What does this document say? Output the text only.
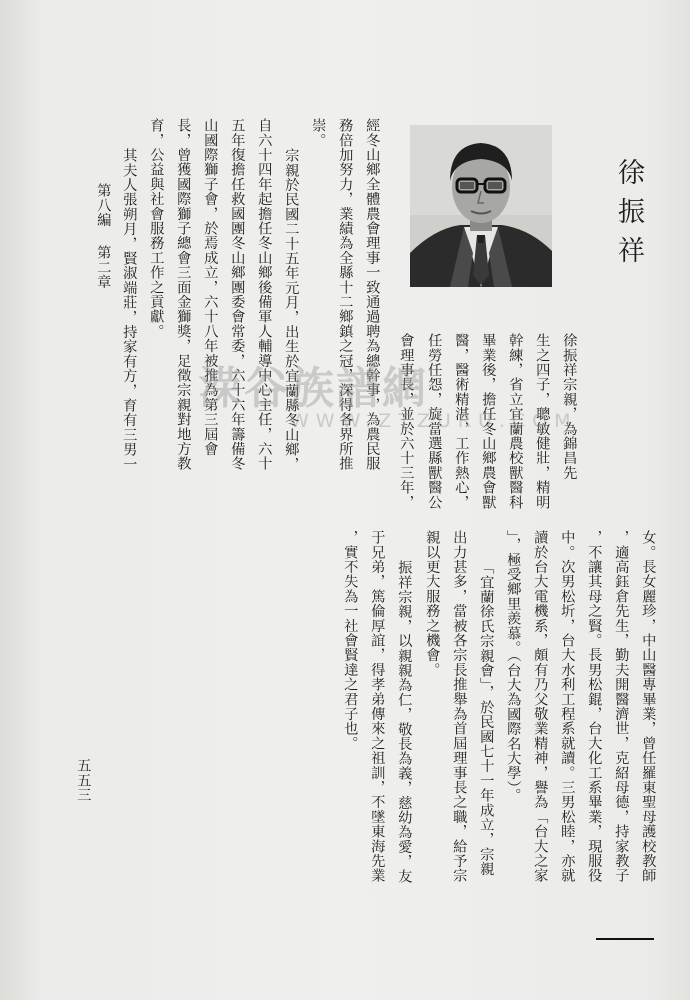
徐振祥
徐振祥宗親，為錦昌先
生之四子，聰敏健壯，精明
幹練，省立宜蘭農校獸醫科
畢業後，擔任冬山鄉農會獸
醫，醫術精湛，工作熱心，
任勞任怨，旋當選縣獸醫公
會理事長，並於六十三年，
經冬山鄉全體農會理事一致通過聘為總幹事，為農民服
務倍加努力，業績為全縣十二鄉鎮之冠，深得各界所推
崇。
宗親於民國二十五年元月，出生於宜蘭縣冬山鄉，
自六十四年起擔任冬山鄉後備軍人輔導中心主任，六十
五年復擔任救國團冬山鄉團委會常委，六十六年籌備冬
山國際獅子會，於焉成立，六十八年被推為第三屆會
長，曾獲國際獅子總會三面金獅獎，足徵宗親對地方教
育，公益與社會服務工作之貢獻。
其夫人張朔月，賢淑端莊，持家有方，育有三男一
第八編
第二章
女。長女麗珍，中山醫專畢業，曾任羅東聖母護校教師
，適高鈺倉先生，勤夫開醫濟世，克紹母德，持家教子
，不讓其母之賢。長男松錕，台大化工系畢業，現服役
中。次男松圻，台大水利工程系就讀。三男松睦，亦就
讀於台大電機系，頗有乃父敬業精神，譽為「台大之家
」，極受鄉里羨慕。（台大為國際名大學）。
「宜蘭徐氏宗親會」，於民國七十一年成立，宗親
出力甚多，當被各宗長推舉為首屆理事長之職，給予宗
親以更大服務之機會。
振祥宗親，以親親為仁，敬長為義，慈幼為愛，友
于兄弟，篤倫厚誼，得孝弟傳來之祖訓，不墜東海先業
，實不失為一社會賢達之君子也。
五五三
溁谷族譜網
WWW.ZTZURU.COM
